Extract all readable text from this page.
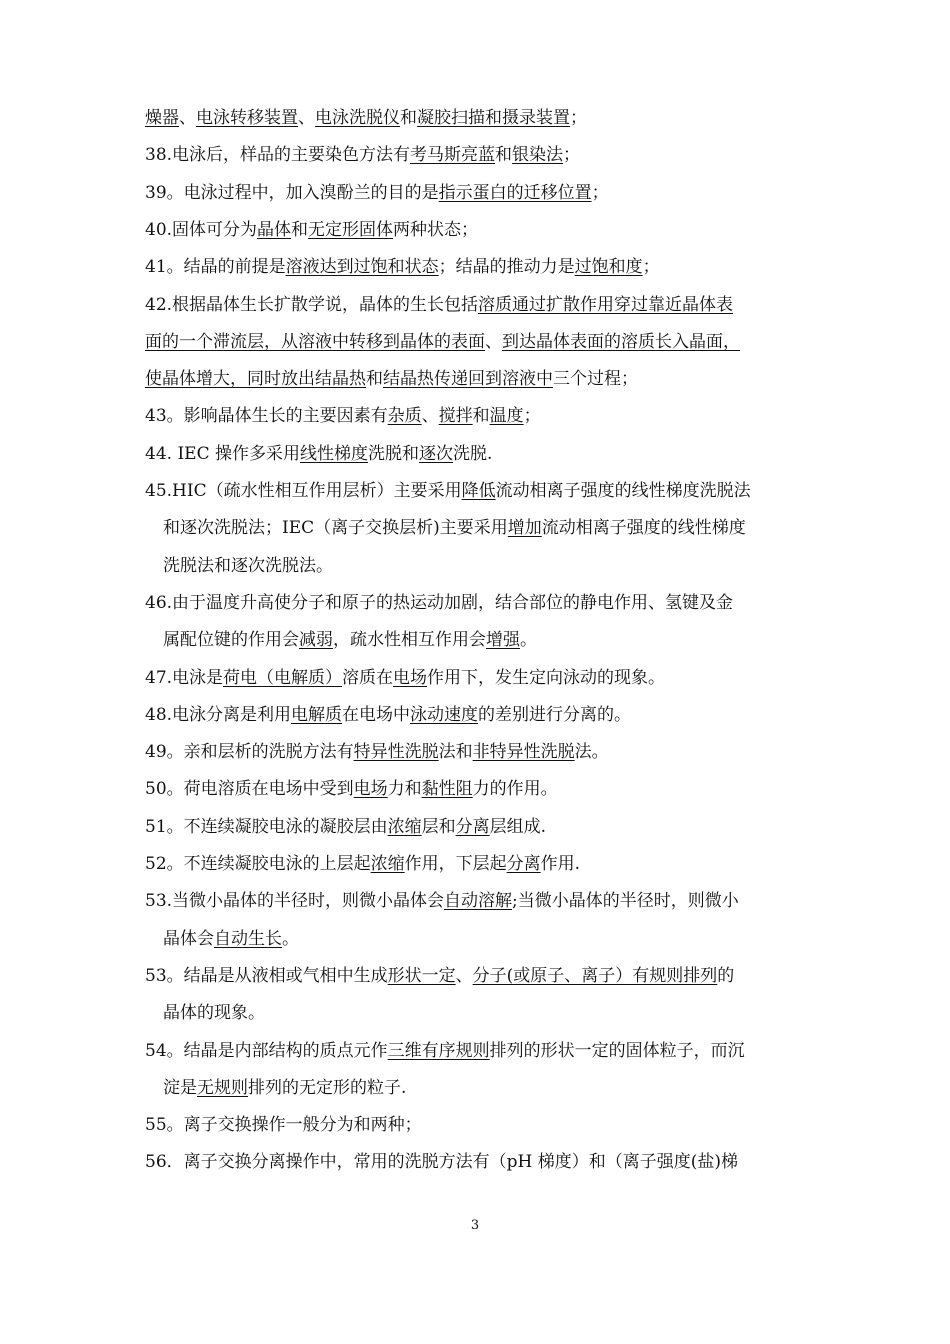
燥器、电泳转移装置、电泳洗脱仪和凝胶扫描和摄录装置；
38.电泳后，样品的主要染色方法有考马斯亮蓝和银染法；
39。电泳过程中，加入溴酚兰的目的是指示蛋白的迁移位置；
40.固体可分为晶体和无定形固体两种状态；
41。结晶的前提是溶液达到过饱和状态；结晶的推动力是过饱和度；
42.根据晶体生长扩散学说，晶体的生长包括溶质通过扩散作用穿过靠近晶体表
面的一个滞流层，从溶液中转移到晶体的表面、到达晶体表面的溶质长入晶面，
使晶体增大，同时放出结晶热和结晶热传递回到溶液中三个过程；
43。影响晶体生长的主要因素有杂质、搅拌和温度；
44. IEC 操作多采用线性梯度洗脱和逐次洗脱.
45.HIC（疏水性相互作用层析）主要采用降低流动相离子强度的线性梯度洗脱法
和逐次洗脱法；IEC（离子交换层析)主要采用增加流动相离子强度的线性梯度
洗脱法和逐次洗脱法。
46.由于温度升高使分子和原子的热运动加剧，结合部位的静电作用、氢键及金
属配位键的作用会减弱，疏水性相互作用会增强。
47.电泳是荷电（电解质）溶质在电场作用下，发生定向泳动的现象。
48.电泳分离是利用电解质在电场中泳动速度的差别进行分离的。
49。亲和层析的洗脱方法有特异性洗脱法和非特异性洗脱法。
50。荷电溶质在电场中受到电场力和黏性阻力的作用。
51。不连续凝胶电泳的凝胶层由浓缩层和分离层组成.
52。不连续凝胶电泳的上层起浓缩作用，下层起分离作用.
53.当微小晶体的半径时，则微小晶体会自动溶解;当微小晶体的半径时，则微小
晶体会自动生长。
53。结晶是从液相或气相中生成形状一定、分子(或原子、离子）有规则排列的
晶体的现象。
54。结晶是内部结构的质点元作三维有序规则排列的形状一定的固体粒子，而沉
淀是无规则排列的无定形的粒子.
55。离子交换操作一般分为和两种；
56．离子交换分离操作中，常用的洗脱方法有（pH 梯度）和（离子强度(盐)梯
3
